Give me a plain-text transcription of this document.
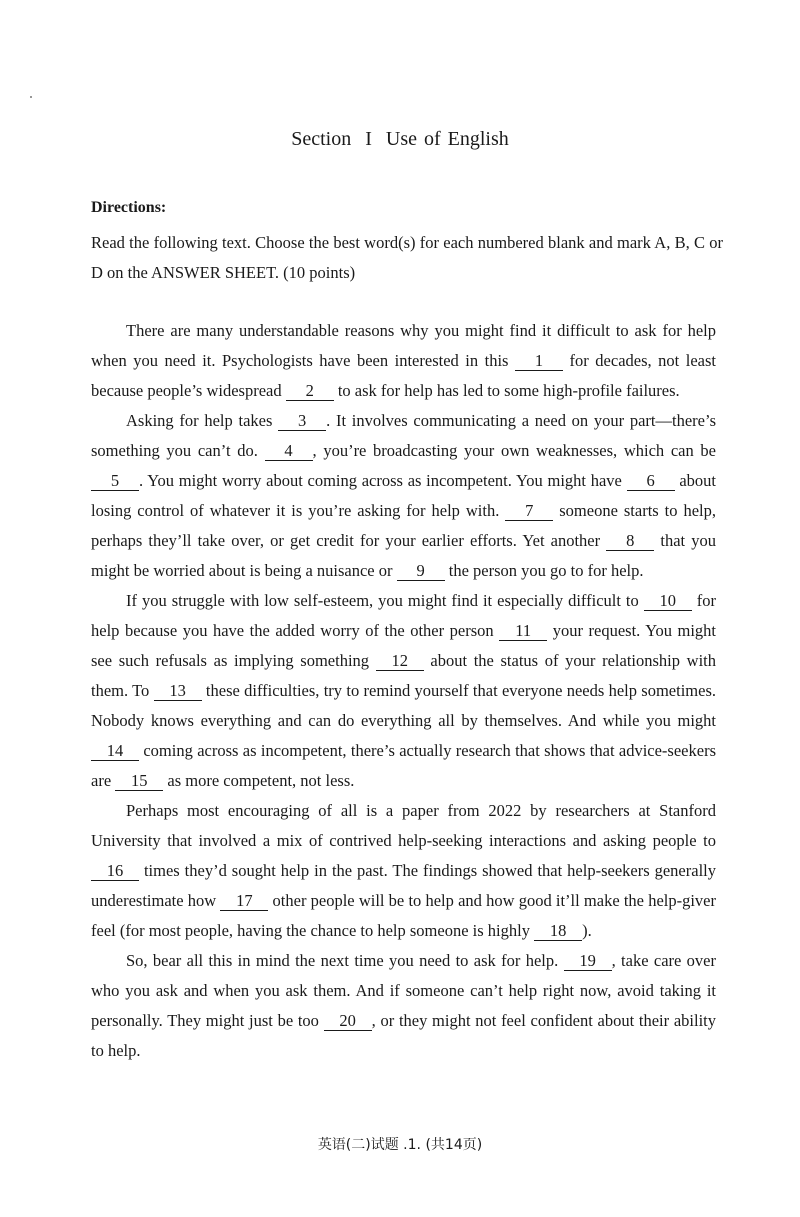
Section I Use of English
Directions:
Read the following text. Choose the best word(s) for each numbered blank and mark A, B, C or D on the ANSWER SHEET. (10 points)

There are many understandable reasons why you might find it difficult to ask for help when you need it. Psychologists have been interested in this 1 for decades, not least because people’s widespread 2 to ask for help has led to some high-profile failures.

Asking for help takes 3 . It involves communicating a need on your part—there’s something you can’t do. 4 , you’re broadcasting your own weaknesses, which can be 5 . You might worry about coming across as incompetent. You might have 6 about losing control of whatever it is you’re asking for help with. 7 someone starts to help, perhaps they’ll take over, or get credit for your earlier efforts. Yet another 8 that you might be worried about is being a nuisance or 9 the person you go to for help.

If you struggle with low self-esteem, you might find it especially difficult to 10 for help because you have the added worry of the other person 11 your request. You might see such refusals as implying something 12 about the status of your relationship with them. To 13 these difficulties, try to remind yourself that everyone needs help sometimes. Nobody knows everything and can do everything all by themselves. And while you might 14 coming across as incompetent, there’s actually research that shows that advice-seekers are 15 as more competent, not less.

Perhaps most encouraging of all is a paper from 2022 by researchers at Stanford University that involved a mix of contrived help-seeking interactions and asking people to 16 times they’d sought help in the past. The findings showed that help-seekers generally underestimate how 17 other people will be to help and how good it’ll make the help-giver feel (for most people, having the chance to help someone is highly 18 ).

So, bear all this in mind the next time you need to ask for help. 19 , take care over who you ask and when you ask them. And if someone can’t help right now, avoid taking it personally. They might just be too 20 , or they might not feel confident about their ability to help.

英语(二)试题 .1. (共14页)
